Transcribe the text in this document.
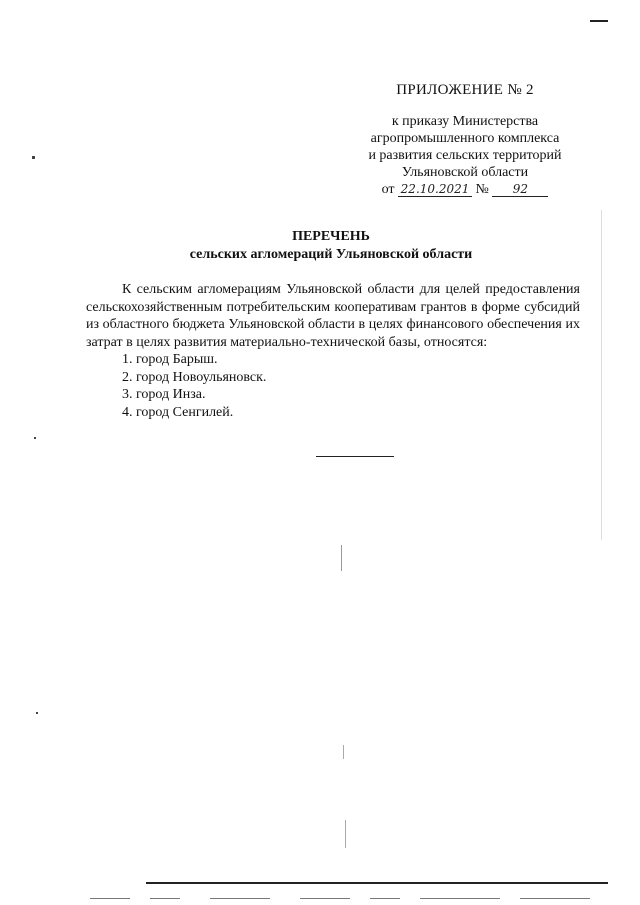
ПРИЛОЖЕНИЕ № 2
к приказу Министерства
агропромышленного комплекса
и развития сельских территорий
Ульяновской области
от 22.10.2021 № 92
ПЕРЕЧЕНЬ
сельских агломераций Ульяновской области

К сельским агломерациям Ульяновской области для целей предоставления сельскохозяйственным потребительским кооперативам грантов в форме субсидий из областного бюджета Ульяновской области в целях финансового обеспечения их затрат в целях развития материально-технической базы, относятся:

1. город Барыш.
2. город Новоульяновск.
3. город Инза.
4. город Сенгилей.
